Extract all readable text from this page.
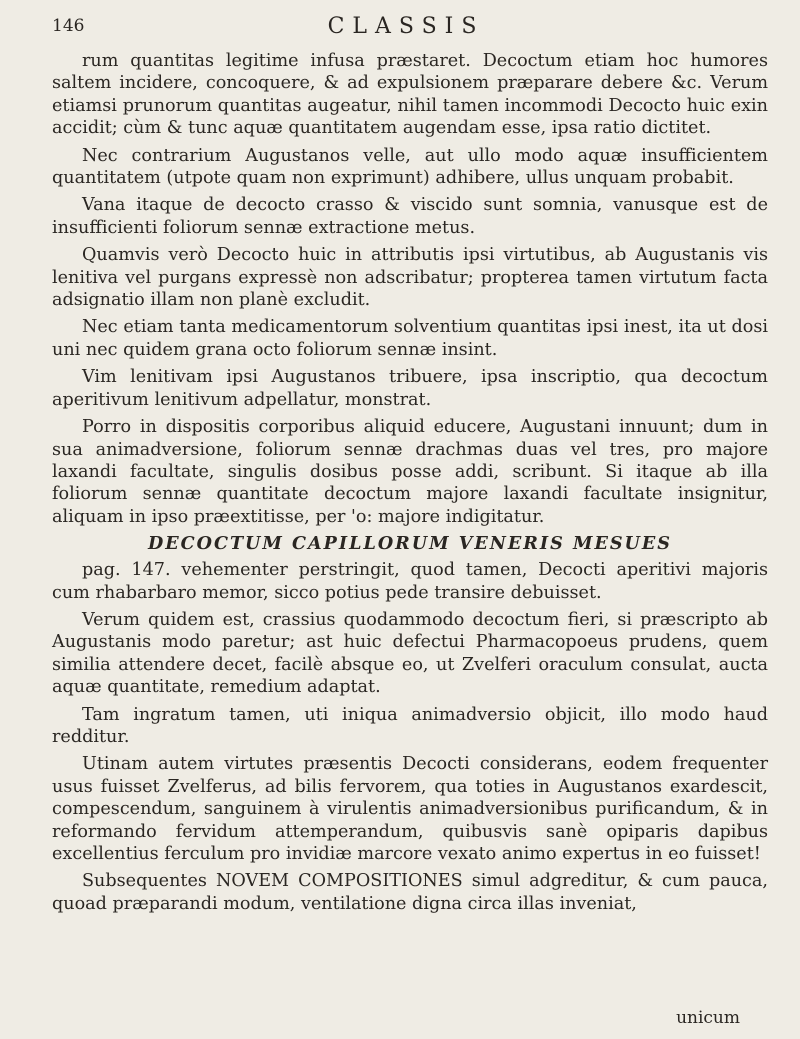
146	CLASSIS

rum quantitas legitime infusa præstaret. Decoctum etiam hoc humores saltem incidere, concoquere, & ad expulsionem præparare debere &c. Verum etiamsi prunorum quantitas augeatur, nihil tamen incommodi Decocto huic exin accidit; cùm & tunc aquæ quantitatem augendam esse, ipsa ratio dictitet.

Nec contrarium Augustanos velle, aut ullo modo aquæ insufficientem quantitatem (utpote quam non exprimunt) adhibere, ullus unquam probabit.

Vana itaque de decocto crasso & viscido sunt somnia, vanusque est de insufficienti foliorum sennæ extractione metus.

Quamvis verò Decocto huic in attributis ipsi virtutibus, ab Augustanis vis lenitiva vel purgans expressè non adscribatur; propterea tamen virtutum facta adsignatio illam non planè excludit.

Nec etiam tanta medicamentorum solventium quantitas ipsi inest, ita ut dosi uni nec quidem grana octo foliorum sennæ insint.

Vim lenitivam ipsi Augustanos tribuere, ipsa inscriptio, qua decoctum aperitivum lenitivum adpellatur, monstrat.

Porro in dispositis corporibus aliquid educere, Augustani innuunt; dum in sua animadversione, foliorum sennæ drachmas duas vel tres, pro majore laxandi facultate, singulis dosibus posse addi, scribunt. Si itaque ab illa foliorum sennæ quantitate decoctum majore laxandi facultate insignitur, aliquam in ipso præextitisse, per 'o: majore indigitatur.

DECOCTUM CAPILLORUM VENERIS MESUES

pag. 147. vehementer perstringit, quod tamen, Decocti aperitivi majoris cum rhabarbaro memor, sicco potius pede transire debuisset.

Verum quidem est, crassius quodammodo decoctum fieri, si præscripto ab Augustanis modo paretur; ast huic defectui Pharmacopoeus prudens, quem similia attendere decet, facilè absque eo, ut Zvelferi oraculum consulat, aucta aquæ quantitate, remedium adaptat.

Tam ingratum tamen, uti iniqua animadversio objicit, illo modo haud redditur.

Utinam autem virtutes præsentis Decocti considerans, eodem frequenter usus fuisset Zvelferus, ad bilis fervorem, qua toties in Augustanos exardescit, compescendum, sanguinem à virulentis animadversionibus purificandum, & in reformando fervidum attemperandum, quibusvis sanè opiparis dapibus excellentius ferculum pro invidiæ marcore vexato animo expertus in eo fuisset!

Subsequentes NOVEM COMPOSITIONES simul adgreditur, & cum pauca, quoad præparandi modum, ventilatione digna circa illas inveniat,

unicum
